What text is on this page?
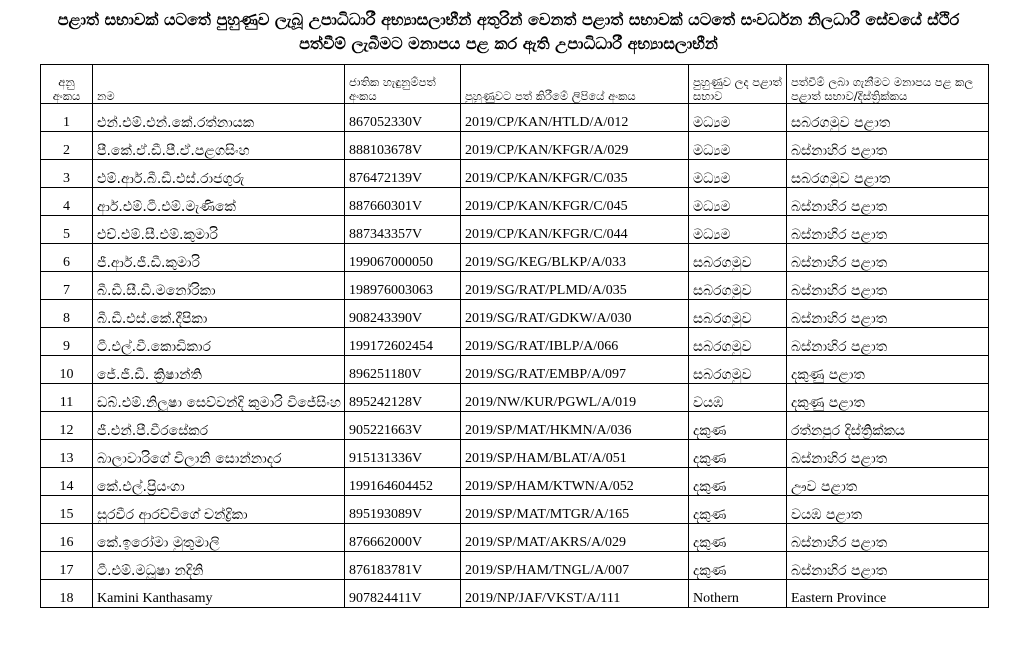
පළාත් සභාවක් යටතේ පුහුණුව ලැබූ උපාධිධාරී අභ්‍යාසලාභීන් අතුරින් වෙනත් පළාත් සභාවක් යටතේ සංවර්ධන නිලධාරී සේවයේ ස්ථිර
පත්වීම් ලැබීමට මනාපය පළ කර ඇති උපාධිධාරී අභ්‍යාසලාභීන්
අනු අංකය	නම	ජාතික හැඳුනුම්පත් අංකය	පුහුණුවට පත් කිරීමේ ලිපියේ අංකය	පුහුණුව ලද පළාත් සභාව	පත්වීම් ලබා ගැනීමට මනාපය පළ කල පළාත් සභාව/දිස්ත්‍රික්කය
1	එන්.එම්.එන්.කේ.රත්නායක	867052330V	2019/CP/KAN/HTLD/A/012	මධ්‍යම	සබරගමුව පළාත
2	පී.කේ.ඒ.ඩී.පී.ඒ.පළගසිංහ	888103678V	2019/CP/KAN/KFGR/A/029	මධ්‍යම	බස්නාහිර පළාත
3	එම්.ආර්.බී.ඩී.එස්.රාජගුරු	876472139V	2019/CP/KAN/KFGR/C/035	මධ්‍යම	සබරගමුව පළාත
4	ආර්.එම්.ටී.එම්.මැණිකේ	887660301V	2019/CP/KAN/KFGR/C/045	මධ්‍යම	බස්නාහිර පළාත
5	එච්.එම්.සී.එම්.කුමාරි	887343357V	2019/CP/KAN/KFGR/C/044	මධ්‍යම	බස්නාහිර පළාත
6	ජී.ආර්.ජී.ඩී.කුමාරි	199067000050	2019/SG/KEG/BLKP/A/033	සබරගමුව	බස්නාහිර පළාත
7	බී.ඩී.සී.ඩී.මනෝරිකා	198976003063	2019/SG/RAT/PLMD/A/035	සබරගමුව	බස්නාහිර පළාත
8	බී.ඩී.එස්.කේ.දීපිකා	908243390V	2019/SG/RAT/GDKW/A/030	සබරගමුව	බස්නාහිර පළාත
9	ටී.එල්.වී.කොඩිකාර	199172602454	2019/SG/RAT/IBLP/A/066	සබරගමුව	බස්නාහිර පළාත
10	ජේ.ජී.ඩී. ක්‍රිෂාන්ති	896251180V	2019/SG/RAT/EMBP/A/097	සබරගමුව	දකුණු පළාත
11	ඩබ්.එම්.නිලුෂා සෙව්වන්දි කුමාරි විජේසිංහ	895242128V	2019/NW/KUR/PGWL/A/019	වයඹ	දකුණු පළාත
12	ජී.එන්.පී.වීරසේකර	905221663V	2019/SP/MAT/HKMN/A/036	දකුණ	රත්නපුර දිස්ත්‍රික්කය
13	බාලාවාරිගේ චිලානි සොන්නාදර	915131336V	2019/SP/HAM/BLAT/A/051	දකුණ	බස්නාහිර පළාත
14	කේ.එල්.ප්‍රියංගා	199164604452	2019/SP/HAM/KTWN/A/052	දකුණ	ඌව පළාත
15	සුරවීර ආරච්චිගේ චන්ද්‍රිකා	895193089V	2019/SP/MAT/MTGR/A/165	දකුණ	වයඹ පළාත
16	කේ.ඉරෝමා මුතුමාලි	876662000V	2019/SP/MAT/AKRS/A/029	දකුණ	බස්නාහිර පළාත
17	ටී.එම්.මධූෂා නදිනි	876183781V	2019/SP/HAM/TNGL/A/007	දකුණ	බස්නාහිර පළාත
18	Kamini Kanthasamy	907824411V	2019/NP/JAF/VKST/A/111	Nothern	Eastern Province
